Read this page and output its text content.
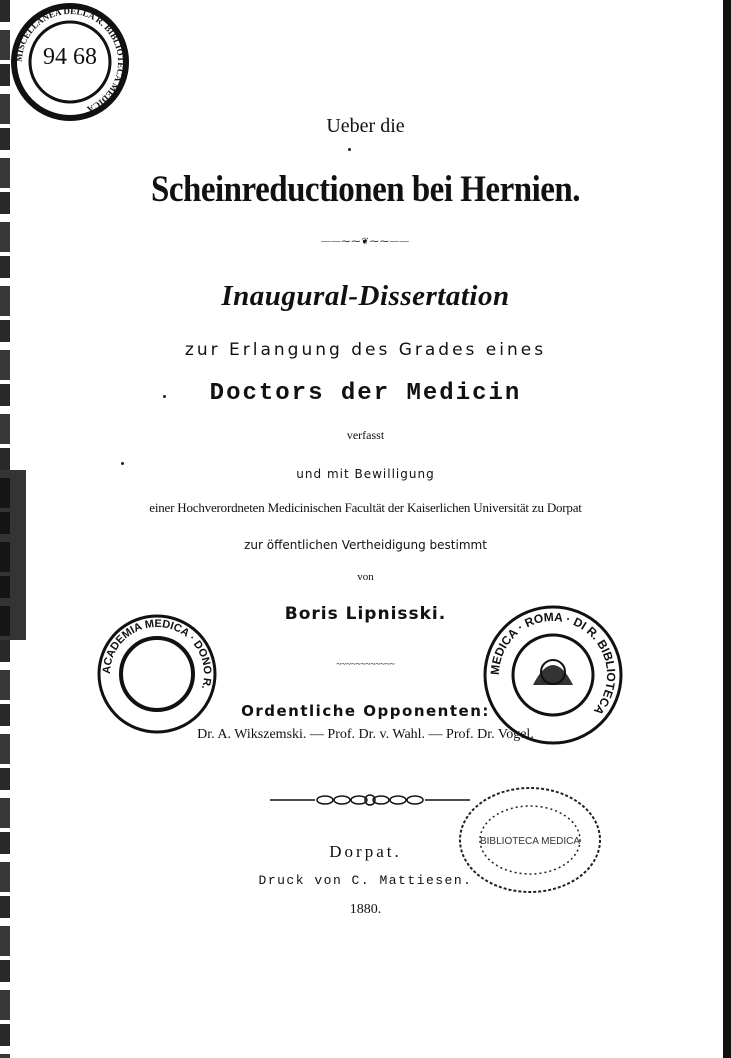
MISCELLANEA DELLA R. BIBLIOTECA MEDICA
94 68
Ueber die
Scheinreductionen bei Hernien.
——⁓⁓❦⁓⁓——
Inaugural-Dissertation
zur Erlangung des Grades eines
Doctors der Medicin
verfasst
und mit Bewilligung
einer Hochverordneten Medicinischen Facultät der Kaiserlichen Universität zu Dorpat
zur öffentlichen Vertheidigung bestimmt
von
Boris Lipnisski.
ACADEMIA MEDICA · DONO R.
~~~~~~~~~~~~
MEDICA · ROMA · DI R. BIBLIOTECA
Ordentliche Opponenten:
Dr. A. Wikszemski. — Prof. Dr. v. Wahl. — Prof. Dr. Vogel.
BIBLIOTECA MEDICA
Dorpat.
Druck von C. Mattiesen.
1880.
